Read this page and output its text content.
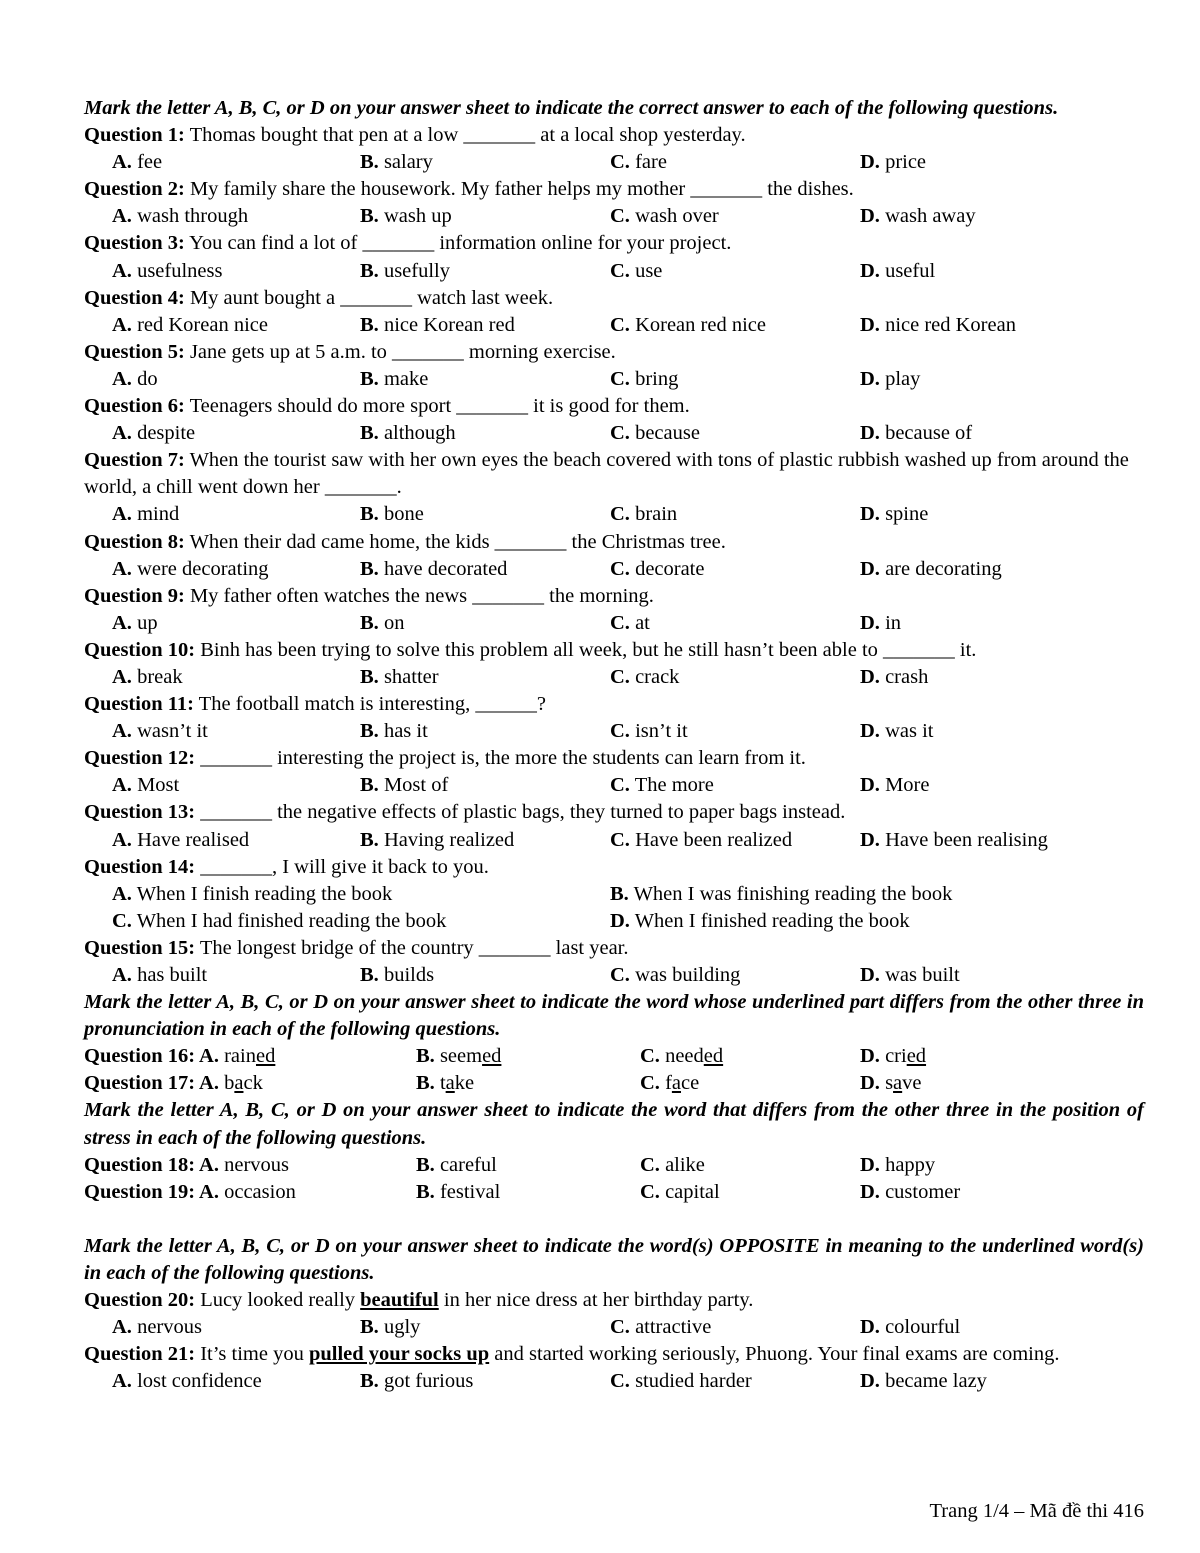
Mark the letter A, B, C, or D on your answer sheet to indicate the correct answer to each of the following questions.
Question 1: Thomas bought that pen at a low _______ at a local shop yesterday.
A. fee	B. salary	C. fare	D. price
Question 2: My family share the housework. My father helps my mother _______ the dishes.
A. wash through	B. wash up	C. wash over	D. wash away
Question 3: You can find a lot of _______ information online for your project.
A. usefulness	B. usefully	C. use	D. useful
Question 4: My aunt bought a _______ watch last week.
A. red Korean nice	B. nice Korean red	C. Korean red nice	D. nice red Korean
Question 5: Jane gets up at 5 a.m. to _______ morning exercise.
A. do	B. make	C. bring	D. play
Question 6: Teenagers should do more sport _______ it is good for them.
A. despite	B. although	C. because	D. because of
Question 7: When the tourist saw with her own eyes the beach covered with tons of plastic rubbish washed up from around the world, a chill went down her _______.
A. mind	B. bone	C. brain	D. spine
Question 8: When their dad came home, the kids _______ the Christmas tree.
A. were decorating	B. have decorated	C. decorate	D. are decorating
Question 9: My father often watches the news _______ the morning.
A. up	B. on	C. at	D. in
Question 10: Binh has been trying to solve this problem all week, but he still hasn’t been able to _______ it.
A. break	B. shatter	C. crack	D. crash
Question 11: The football match is interesting, ______?
A. wasn’t it	B. has it	C. isn’t it	D. was it
Question 12: _______ interesting the project is, the more the students can learn from it.
A. Most	B. Most of	C. The more	D. More
Question 13: _______ the negative effects of plastic bags, they turned to paper bags instead.
A. Have realised	B. Having realized	C. Have been realized	D. Have been realising
Question 14: _______, I will give it back to you.
A. When I finish reading the book	B. When I was finishing reading the book
C. When I had finished reading the book	D. When I finished reading the book
Question 15: The longest bridge of the country _______ last year.
A. has built	B. builds	C. was building	D. was built
Mark the letter A, B, C, or D on your answer sheet to indicate the word whose underlined part differs from the other three in pronunciation in each of the following questions.
Question 16: A. rained	B. seemed	C. needed	D. cried
Question 17: A. back	B. take	C. face	D. save
Mark the letter A, B, C, or D on your answer sheet to indicate the word that differs from the other three in the position of stress in each of the following questions.
Question 18: A. nervous	B. careful	C. alike	D. happy
Question 19: A. occasion	B. festival	C. capital	D. customer
Mark the letter A, B, C, or D on your answer sheet to indicate the word(s) OPPOSITE in meaning to the underlined word(s) in each of the following questions.
Question 20: Lucy looked really beautiful in her nice dress at her birthday party.
A. nervous	B. ugly	C. attractive	D. colourful
Question 21: It’s time you pulled your socks up and started working seriously, Phuong. Your final exams are coming.
A. lost confidence	B. got furious	C. studied harder	D. became lazy
Trang 1/4 – Mã đề thi 416
